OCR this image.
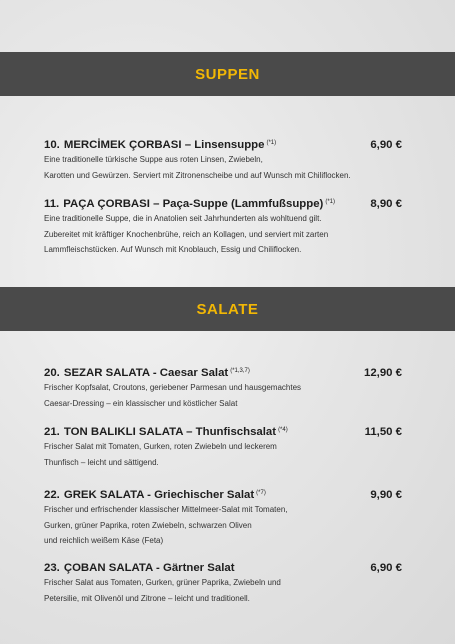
SUPPEN
10. MERCİMEK ÇORBASI – Linsensuppe $^{(*1)}$	6,90 €
Eine traditionelle türkische Suppe aus roten Linsen, Zwiebeln,
Karotten und Gewürzen. Serviert mit Zitronenscheibe und auf Wunsch mit Chiliflocken.
11. PAÇA ÇORBASI – Paça-Suppe (Lammfußsuppe) $^{(*1)}$	8,90 €
Eine traditionelle Suppe, die in Anatolien seit Jahrhunderten als wohltuend gilt.
Zubereitet mit kräftiger Knochenbrühe, reich an Kollagen, und serviert mit zarten
Lammfleischstücken. Auf Wunsch mit Knoblauch, Essig und Chiliflocken.
SALATE
20. SEZAR SALATA - Caesar Salat $^{(*1,3,7)}$	12,90 €
Frischer Kopfsalat, Croutons, geriebener Parmesan und hausgemachtes
Caesar-Dressing – ein klassischer und köstlicher Salat
21. TON BALIKLI SALATA – Thunfischsalat $^{(*4)}$	11,50 €
Frischer Salat mit Tomaten, Gurken, roten Zwiebeln und leckerem
Thunfisch – leicht und sättigend.
22. GREK SALATA - Griechischer Salat $^{(*7)}$	9,90 €
Frischer und erfrischender klassischer Mittelmeer-Salat mit Tomaten,
Gurken, grüner Paprika, roten Zwiebeln, schwarzen Oliven
und reichlich weißem Käse (Feta)
23. ÇOBAN SALATA - Gärtner Salat	6,90 €
Frischer Salat aus Tomaten, Gurken, grüner Paprika, Zwiebeln und
Petersilie, mit Olivenöl und Zitrone – leicht und traditionell.
